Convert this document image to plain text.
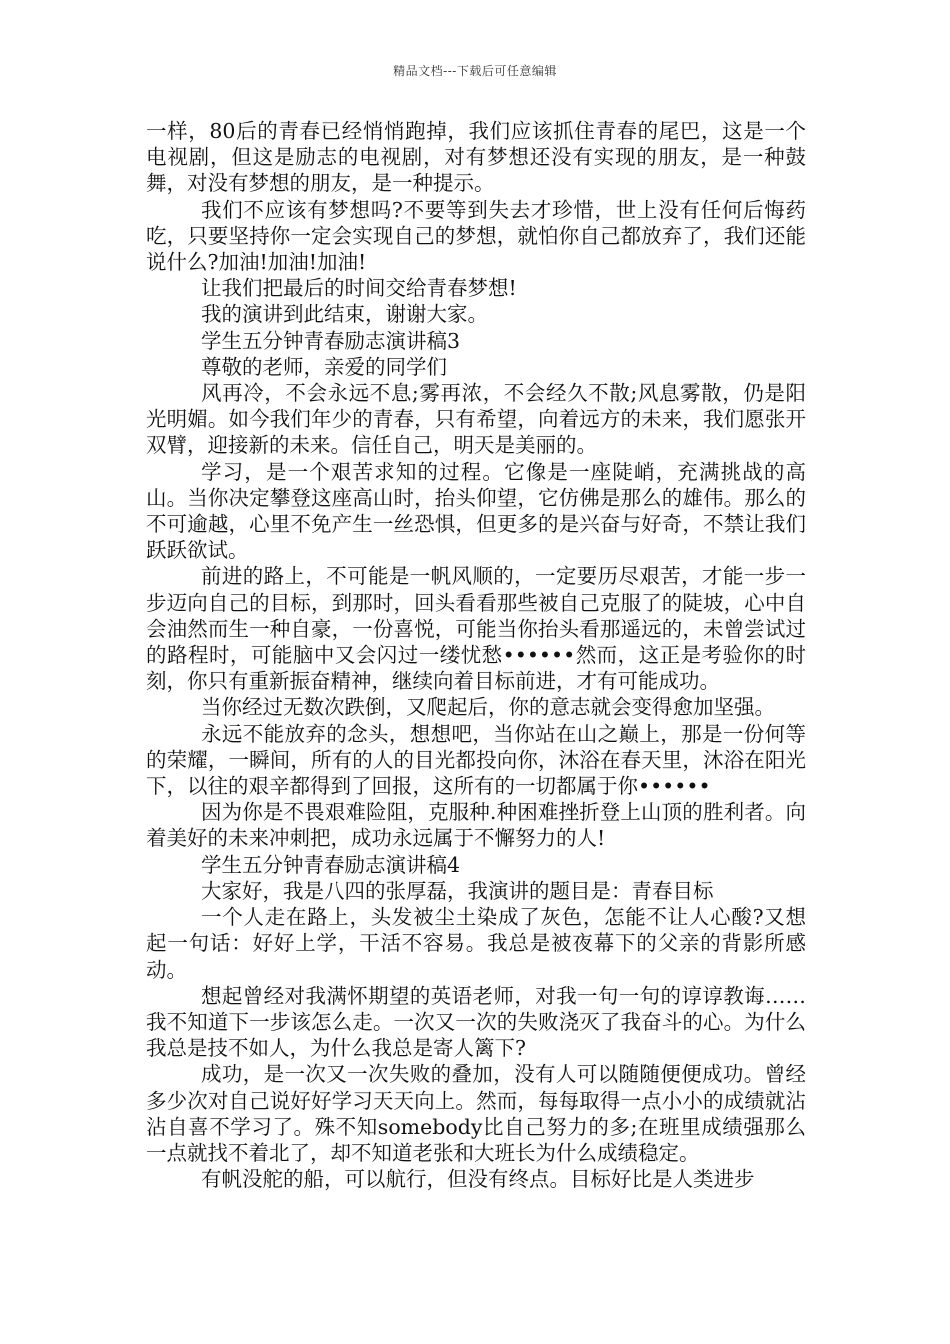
精品文档---下载后可任意编辑

一样，80后的青春已经悄悄跑掉，我们应该抓住青春的尾巴，这是一个电视剧，但这是励志的电视剧，对有梦想还没有实现的朋友，是一种鼓舞，对没有梦想的朋友，是一种提示。

我们不应该有梦想吗?不要等到失去才珍惜，世上没有任何后悔药吃，只要坚持你一定会实现自己的梦想，就怕你自己都放弃了，我们还能说什么?加油!加油!加油!

让我们把最后的时间交给青春梦想!

我的演讲到此结束，谢谢大家。

学生五分钟青春励志演讲稿3

尊敬的老师，亲爱的同学们

风再冷，不会永远不息;雾再浓，不会经久不散;风息雾散，仍是阳光明媚。如今我们年少的青春，只有希望，向着远方的未来，我们愿张开双臂，迎接新的未来。信任自己，明天是美丽的。

学习，是一个艰苦求知的过程。它像是一座陡峭，充满挑战的高山。当你决定攀登这座高山时，抬头仰望，它仿佛是那么的雄伟。那么的不可逾越，心里不免产生一丝恐惧，但更多的是兴奋与好奇，不禁让我们跃跃欲试。

前进的路上，不可能是一帆风顺的，一定要历尽艰苦，才能一步一步迈向自己的目标，到那时，回头看看那些被自己克服了的陡坡，心中自会油然而生一种自豪，一份喜悦，可能当你抬头看那遥远的，未曾尝试过的路程时，可能脑中又会闪过一缕忧愁••••••然而，这正是考验你的时刻，你只有重新振奋精神，继续向着目标前进，才有可能成功。

当你经过无数次跌倒，又爬起后，你的意志就会变得愈加坚强。

永远不能放弃的念头，想想吧，当你站在山之巅上，那是一份何等的荣耀，一瞬间，所有的人的目光都投向你，沐浴在春天里，沐浴在阳光下，以往的艰辛都得到了回报，这所有的一切都属于你••••••

因为你是不畏艰难险阻，克服种.种困难挫折登上山顶的胜利者。向着美好的未来冲刺把，成功永远属于不懈努力的人!

学生五分钟青春励志演讲稿4

大家好，我是八四的张厚磊，我演讲的题目是：青春目标

一个人走在路上，头发被尘土染成了灰色，怎能不让人心酸?又想起一句话：好好上学，干活不容易。我总是被夜幕下的父亲的背影所感动。

想起曾经对我满怀期望的英语老师，对我一句一句的谆谆教诲……我不知道下一步该怎么走。一次又一次的失败浇灭了我奋斗的心。为什么我总是技不如人，为什么我总是寄人篱下?

成功，是一次又一次失败的叠加，没有人可以随随便便成功。曾经多少次对自己说好好学习天天向上。然而，每每取得一点小小的成绩就沾沾自喜不学习了。殊不知somebody比自己努力的多;在班里成绩强那么一点就找不着北了，却不知道老张和大班长为什么成绩稳定。

有帆没舵的船，可以航行，但没有终点。目标好比是人类进步
